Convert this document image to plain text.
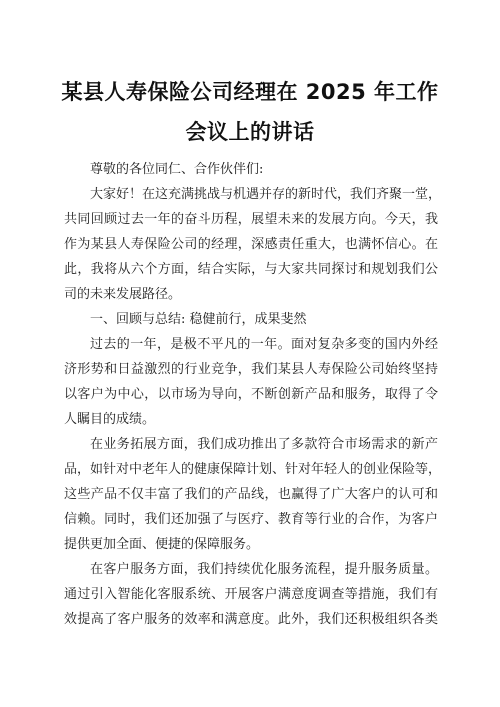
某县人寿保险公司经理在 2025 年工作
会议上的讲话
尊敬的各位同仁、合作伙伴们:
大家好！在这充满挑战与机遇并存的新时代，我们齐聚一堂，
共同回顾过去一年的奋斗历程，展望未来的发展方向。今天，我
作为某县人寿保险公司的经理，深感责任重大，也满怀信心。在
此，我将从六个方面，结合实际，与大家共同探讨和规划我们公
司的未来发展路径。
一、回顾与总结: 稳健前行，成果斐然
过去的一年，是极不平凡的一年。面对复杂多变的国内外经
济形势和日益激烈的行业竞争，我们某县人寿保险公司始终坚持
以客户为中心，以市场为导向，不断创新产品和服务，取得了令
人瞩目的成绩。
在业务拓展方面，我们成功推出了多款符合市场需求的新产
品，如针对中老年人的健康保障计划、针对年轻人的创业保险等，
这些产品不仅丰富了我们的产品线，也赢得了广大客户的认可和
信赖。同时，我们还加强了与医疗、教育等行业的合作，为客户
提供更加全面、便捷的保障服务。
在客户服务方面，我们持续优化服务流程，提升服务质量。
通过引入智能化客服系统、开展客户满意度调查等措施，我们有
效提高了客户服务的效率和满意度。此外，我们还积极组织各类
